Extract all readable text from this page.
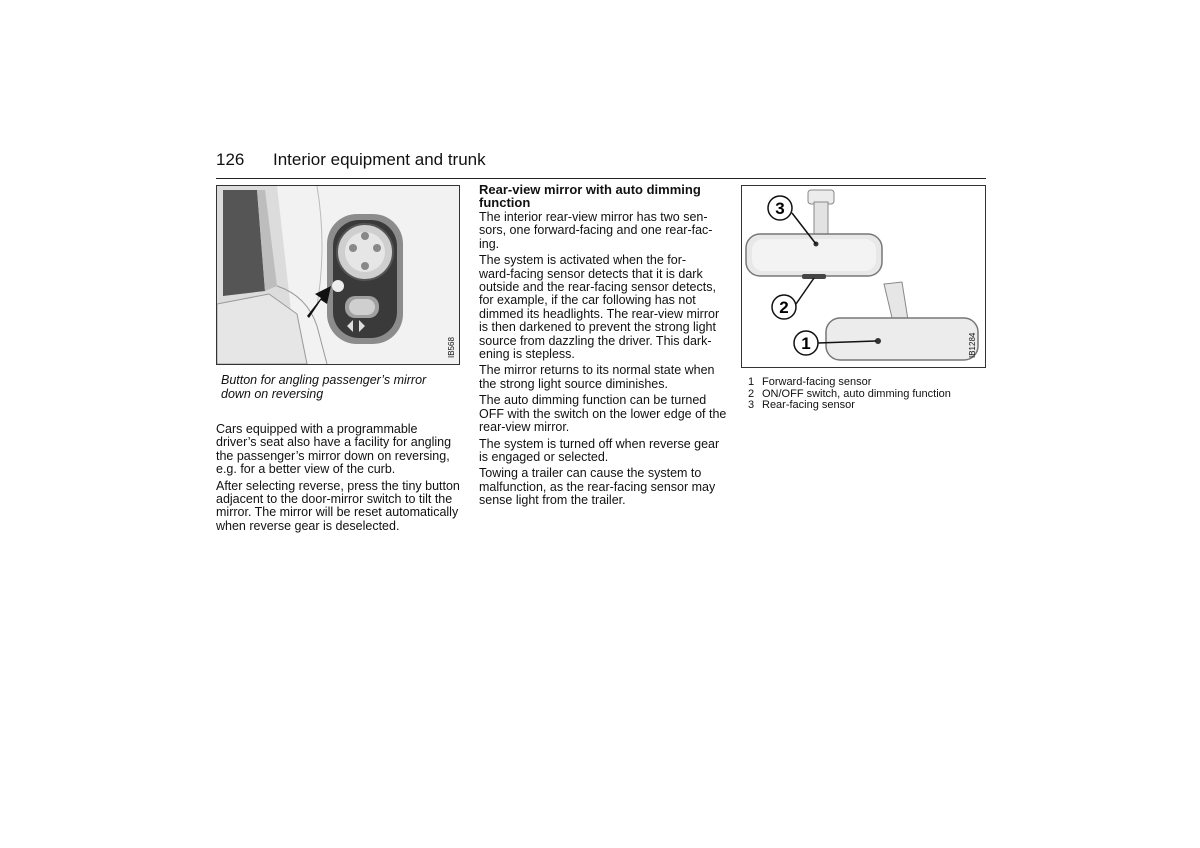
126 Interior equipment and trunk
IB568
Button for angling passenger’s mirror
down on reversing

Cars equipped with a programmable
driver’s seat also have a facility for angling
the passenger’s mirror down on reversing,
e.g. for a better view of the curb.

After selecting reverse, press the tiny button
adjacent to the door-mirror switch to tilt the
mirror. The mirror will be reset automatically
when reverse gear is deselected.

Rear-view mirror with auto dimming
function

The interior rear-view mirror has two sen-
sors, one forward-facing and one rear-fac-
ing.

The system is activated when the for-
ward-facing sensor detects that it is dark
outside and the rear-facing sensor detects,
for example, if the car following has not
dimmed its headlights. The rear-view mirror
is then darkened to prevent the strong light
source from dazzling the driver. This dark-
ening is stepless.

The mirror returns to its normal state when
the strong light source diminishes.

The auto dimming function can be turned
OFF with the switch on the lower edge of the
rear-view mirror.

The system is turned off when reverse gear
is engaged or selected.

Towing a trailer can cause the system to
malfunction, as the rear-facing sensor may
sense light from the trailer.

3
2
1	IB1284
1 Forward-facing sensor
2 ON/OFF switch, auto dimming function
3 Rear-facing sensor
